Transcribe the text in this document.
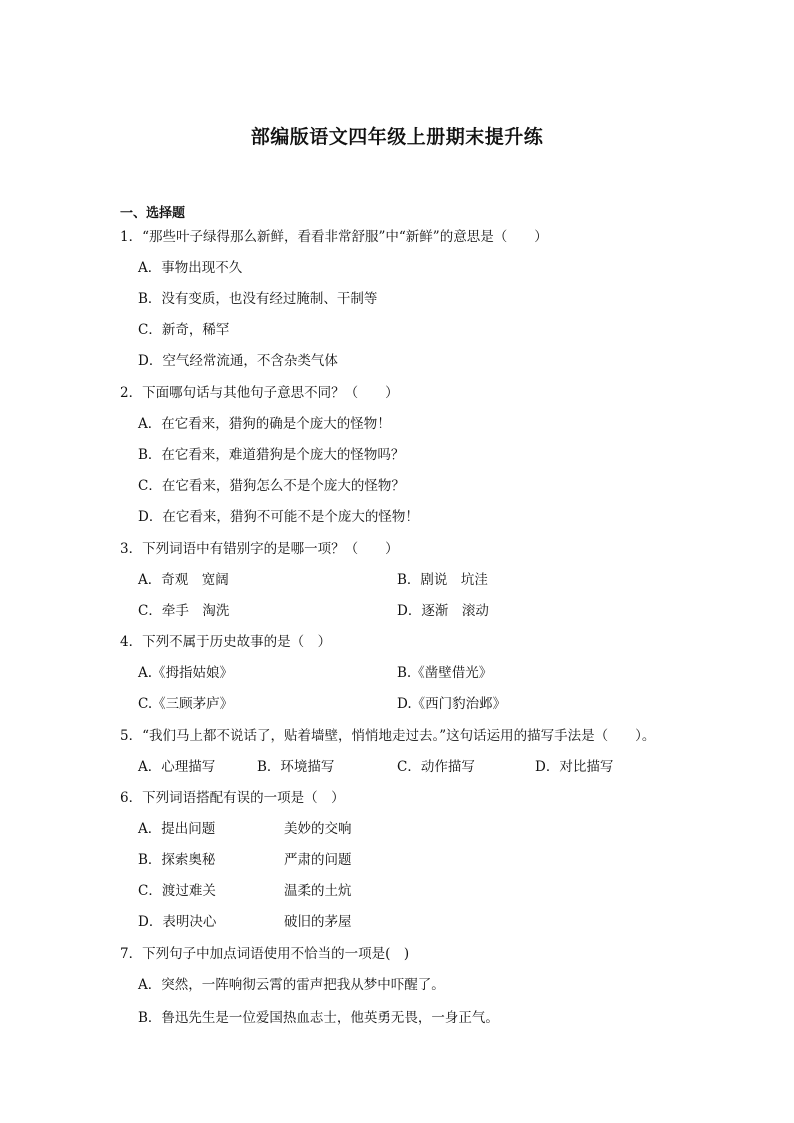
部编版语文四年级上册期末提升练
一、选择题
1．“那些叶子绿得那么新鲜，看看非常舒服”中“新鲜”的意思是（　　）
A．事物出现不久
B．没有变质，也没有经过腌制、干制等
C．新奇，稀罕
D．空气经常流通，不含杂类气体
2．下面哪句话与其他句子意思不同？（　　）
A．在它看来，猎狗的确是个庞大的怪物！
B．在它看来，难道猎狗是个庞大的怪物吗？
C．在它看来，猎狗怎么不是个庞大的怪物？
D．在它看来，猎狗不可能不是个庞大的怪物！
3．下列词语中有错别字的是哪一项？（　　）
A．奇观　宽阔	B．剧说　坑洼
C．牵手　淘洗	D．逐渐　滚动
4．下列不属于历史故事的是（　）
A.《拇指姑娘》	B.《凿壁借光》
C.《三顾茅庐》	D.《西门豹治邺》
5．“我们马上都不说话了，贴着墙壁，悄悄地走过去。”这句话运用的描写手法是（　　）。
A．心理描写	B．环境描写	C．动作描写	D．对比描写
6．下列词语搭配有误的一项是（　）
A．提出问题	美妙的交响
B．探索奥秘	严肃的问题
C．渡过难关	温柔的土炕
D．表明决心	破旧的茅屋
7．下列句子中加点词语使用不恰当的一项是(　)
A．突然，一阵响彻云霄的雷声把我从梦中吓醒了。
B．鲁迅先生是一位爱国热血志士，他英勇无畏，一身正气。
